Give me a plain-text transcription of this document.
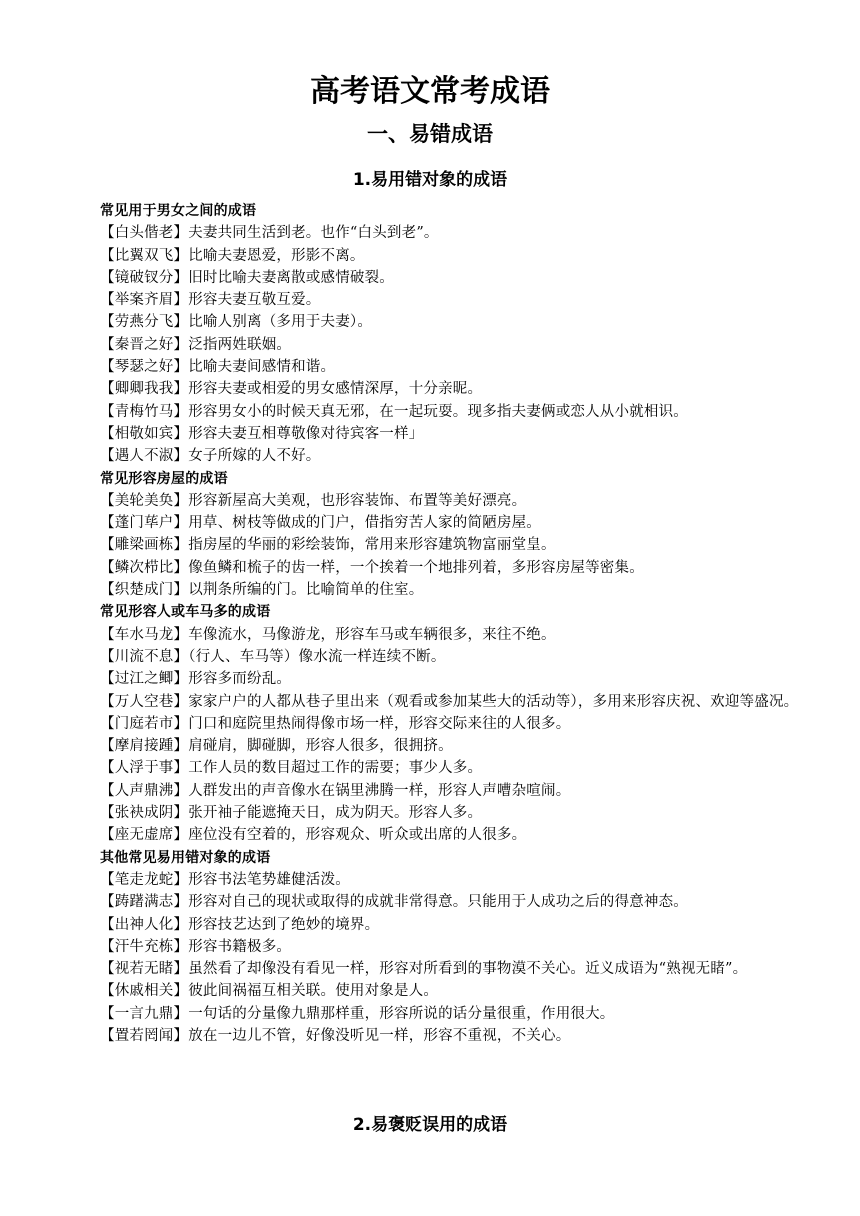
高考语文常考成语
一、易错成语
1.易用错对象的成语
常见用于男女之间的成语
【白头偕老】夫妻共同生活到老。也作“白头到老”。
【比翼双飞】比喻夫妻恩爱，形影不离。
【镜破钗分】旧时比喻夫妻离散或感情破裂。
【举案齐眉】形容夫妻互敬互爱。
【劳燕分飞】比喻人别离（多用于夫妻）。
【秦晋之好】泛指两姓联姻。
【琴瑟之好】比喻夫妻间感情和谐。
【卿卿我我】形容夫妻或相爱的男女感情深厚，十分亲昵。
【青梅竹马】形容男女小的时候天真无邪，在一起玩耍。现多指夫妻俩或恋人从小就相识。
【相敬如宾】形容夫妻互相尊敬像对待宾客一样」
【遇人不淑】女子所嫁的人不好。
常见形容房屋的成语
【美轮美奂】形容新屋高大美观，也形容装饰、布置等美好漂亮。
【蓬门荜户】用草、树枝等做成的门户，借指穷苦人家的简陋房屋。
【雕梁画栋】指房屋的华丽的彩绘装饰，常用来形容建筑物富丽堂皇。
【鳞次栉比】像鱼鳞和梳子的齿一样，一个挨着一个地排列着，多形容房屋等密集。
【织楚成门】以荆条所编的门。比喻简单的住室。
常见形容人或车马多的成语
【车水马龙】车像流水，马像游龙，形容车马或车辆很多，来往不绝。
【川流不息】（行人、车马等）像水流一样连续不断。
【过江之鲫】形容多而纷乱。
【万人空巷】家家户户的人都从巷子里出来（观看或参加某些大的活动等），多用来形容庆祝、欢迎等盛况。
【门庭若市】门口和庭院里热闹得像市场一样，形容交际来往的人很多。
【摩肩接踵】肩碰肩，脚碰脚，形容人很多，很拥挤。
【人浮于事】工作人员的数目超过工作的需要；事少人多。
【人声鼎沸】人群发出的声音像水在锅里沸腾一样，形容人声嘈杂喧闹。
【张袂成阴】张开袖子能遮掩天日，成为阴天。形容人多。
【座无虚席】座位没有空着的，形容观众、听众或出席的人很多。
其他常见易用错对象的成语
【笔走龙蛇】形容书法笔势雄健活泼。
【踌躇满志】形容对自己的现状或取得的成就非常得意。只能用于人成功之后的得意神态。
【出神人化】形容技艺达到了绝妙的境界。
【汗牛充栋】形容书籍极多。
【视若无睹】虽然看了却像没有看见一样，形容对所看到的事物漠不关心。近义成语为“熟视无睹”。
【休戚相关】彼此间祸福互相关联。使用对象是人。
【一言九鼎】一句话的分量像九鼎那样重，形容所说的话分量很重，作用很大。
【置若罔闻】放在一边儿不管，好像没听见一样，形容不重视，不关心。
2.易褒贬误用的成语
